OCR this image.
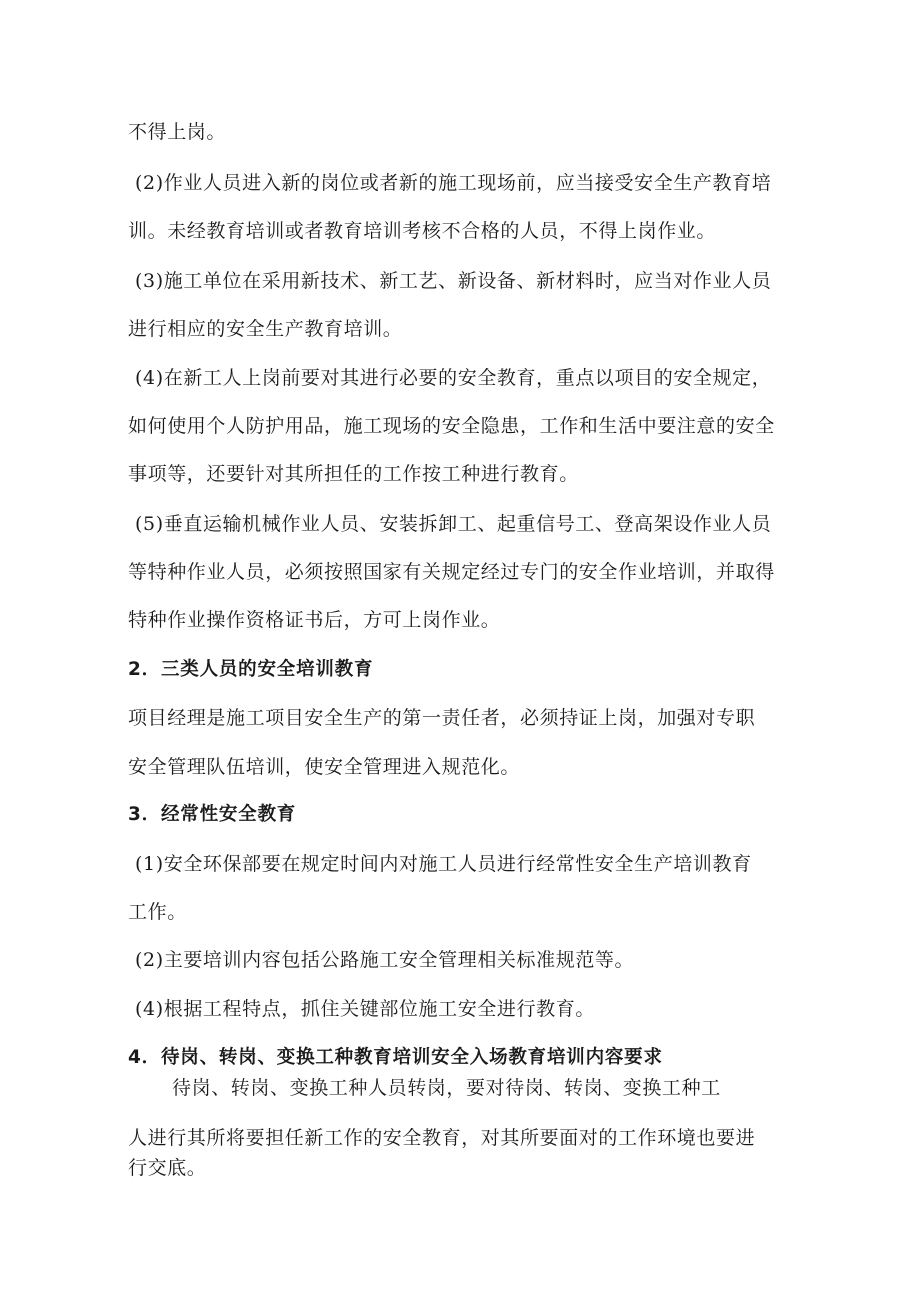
不得上岗。
(2)作业人员进入新的岗位或者新的施工现场前，应当接受安全生产教育培
训。未经教育培训或者教育培训考核不合格的人员，不得上岗作业。
(3)施工单位在采用新技术、新工艺、新设备、新材料时，应当对作业人员
进行相应的安全生产教育培训。
(4)在新工人上岗前要对其进行必要的安全教育，重点以项目的安全规定，
如何使用个人防护用品，施工现场的安全隐患，工作和生活中要注意的安全
事项等，还要针对其所担任的工作按工种进行教育。
(5)垂直运输机械作业人员、安装拆卸工、起重信号工、登高架设作业人员
等特种作业人员，必须按照国家有关规定经过专门的安全作业培训，并取得
特种作业操作资格证书后，方可上岗作业。
2．三类人员的安全培训教育
项目经理是施工项目安全生产的第一责任者，必须持证上岗，加强对专职
安全管理队伍培训，使安全管理进入规范化。
3．经常性安全教育
(1)安全环保部要在规定时间内对施工人员进行经常性安全生产培训教育
工作。
(2)主要培训内容包括公路施工安全管理相关标准规范等。
(4)根据工程特点，抓住关键部位施工安全进行教育。
4．待岗、转岗、变换工种教育培训安全入场教育培训内容要求
待岗、转岗、变换工种人员转岗，要对待岗、转岗、变换工种工
人进行其所将要担任新工作的安全教育，对其所要面对的工作环境也要进
行交底。
